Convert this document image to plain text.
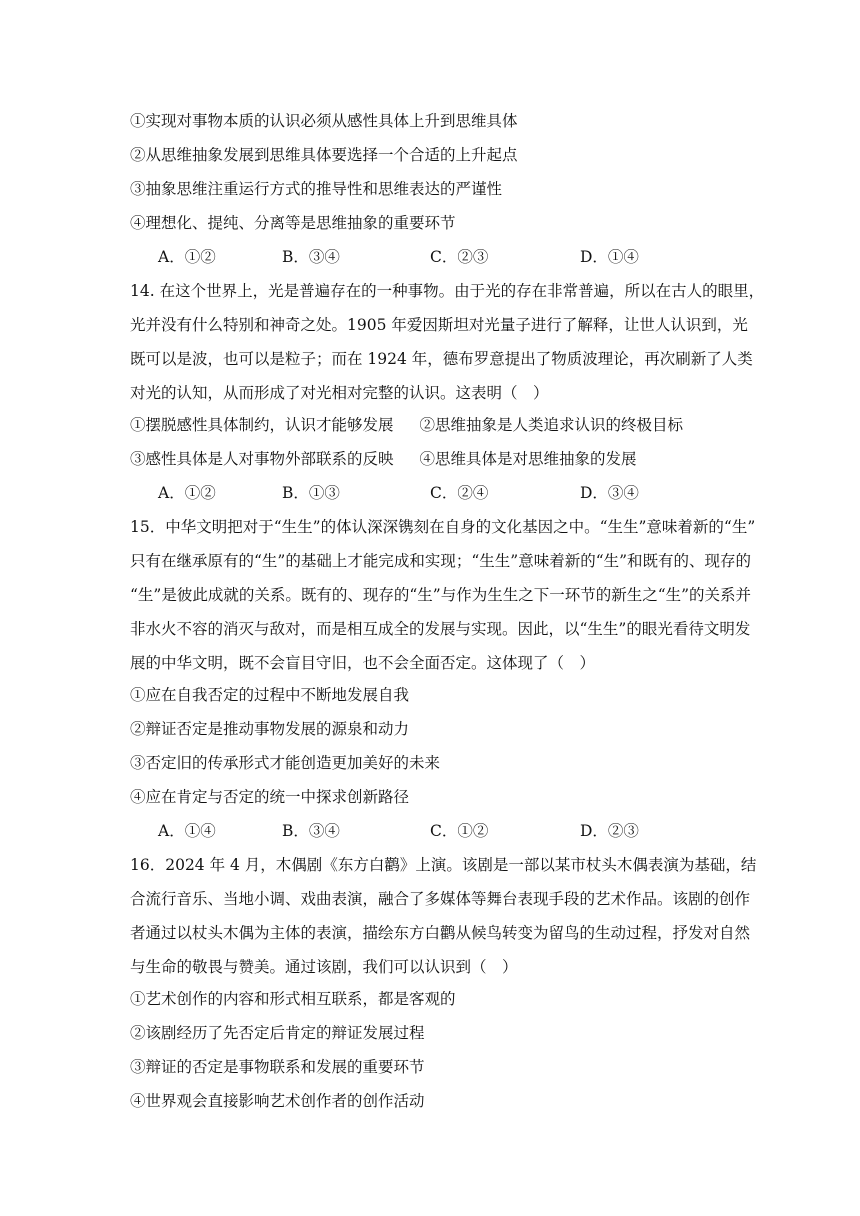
①实现对事物本质的认识必须从感性具体上升到思维具体
②从思维抽象发展到思维具体要选择一个合适的上升起点
③抽象思维注重运行方式的推导性和思维表达的严谨性
④理想化、提纯、分离等是思维抽象的重要环节
A．①②	B．③④	C．②③	D．①④
14. 在这个世界上，光是普遍存在的一种事物。由于光的存在非常普遍，所以在古人的眼里，
光并没有什么特别和神奇之处。1905 年爱因斯坦对光量子进行了解释，让世人认识到，光
既可以是波，也可以是粒子；而在 1924 年，德布罗意提出了物质波理论，再次刷新了人类
对光的认知，从而形成了对光相对完整的认识。这表明（　）
①摆脱感性具体制约，认识才能够发展 ②思维抽象是人类追求认识的终极目标
③感性具体是人对事物外部联系的反映 ④思维具体是对思维抽象的发展
A．①②	B．①③	C．②④	D．③④
15．中华文明把对于“生生”的体认深深镌刻在自身的文化基因之中。“生生”意味着新的“生”
只有在继承原有的“生”的基础上才能完成和实现；“生生”意味着新的“生”和既有的、现存的
“生”是彼此成就的关系。既有的、现存的“生”与作为生生之下一环节的新生之“生”的关系并
非水火不容的消灭与敌对，而是相互成全的发展与实现。因此，以“生生”的眼光看待文明发
展的中华文明，既不会盲目守旧，也不会全面否定。这体现了（　）
①应在自我否定的过程中不断地发展自我
②辩证否定是推动事物发展的源泉和动力
③否定旧的传承形式才能创造更加美好的未来
④应在肯定与否定的统一中探求创新路径
A．①④	B．③④	C．①②	D．②③
16．2024 年 4 月，木偶剧《东方白鹳》上演。该剧是一部以某市杖头木偶表演为基础，结
合流行音乐、当地小调、戏曲表演，融合了多媒体等舞台表现手段的艺术作品。该剧的创作
者通过以杖头木偶为主体的表演，描绘东方白鹳从候鸟转变为留鸟的生动过程，抒发对自然
与生命的敬畏与赞美。通过该剧，我们可以认识到（　）
①艺术创作的内容和形式相互联系，都是客观的
②该剧经历了先否定后肯定的辩证发展过程
③辩证的否定是事物联系和发展的重要环节
④世界观会直接影响艺术创作者的创作活动
